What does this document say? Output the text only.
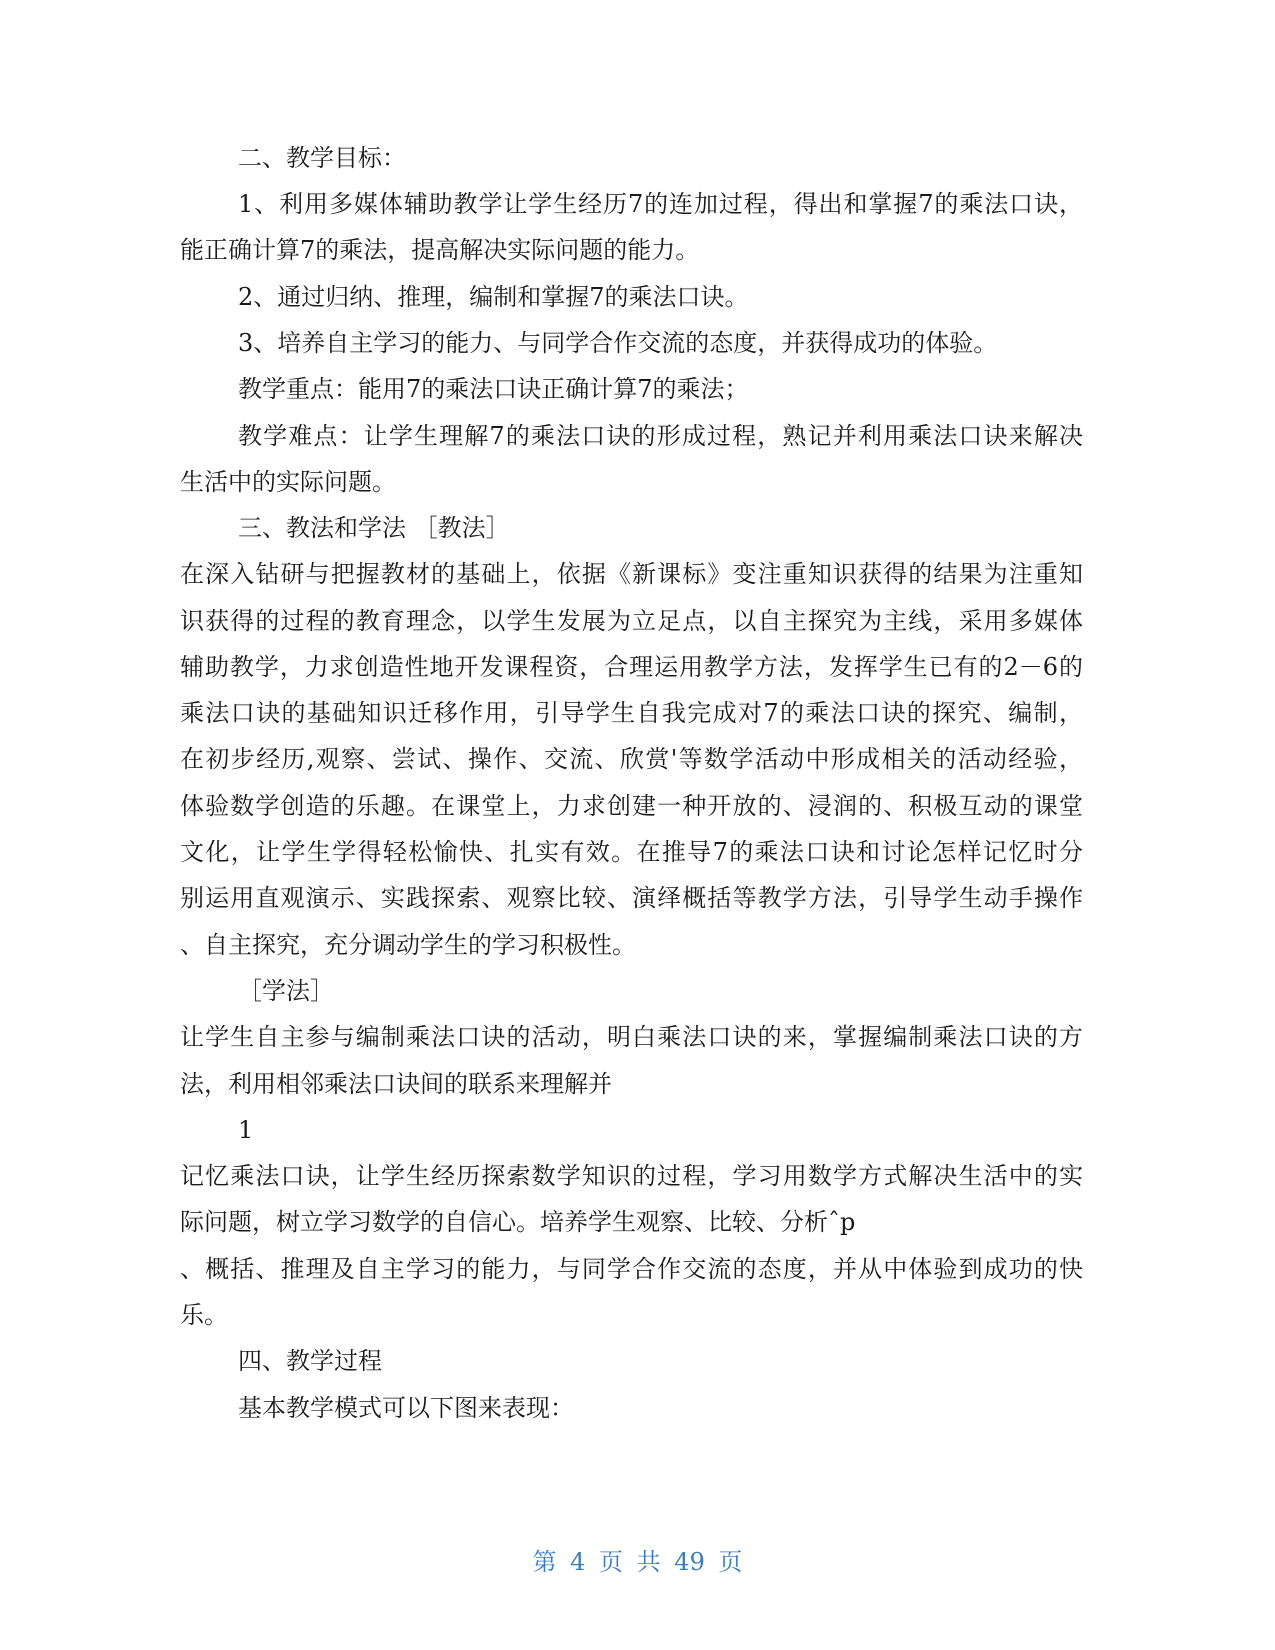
二、教学目标：
1、利用多媒体辅助教学让学生经历7的连加过程，得出和掌握7的乘法口诀，
能正确计算7的乘法，提高解决实际问题的能力。
2、通过归纳、推理，编制和掌握7的乘法口诀。
3、培养自主学习的能力、与同学合作交流的态度，并获得成功的体验。
教学重点：能用7的乘法口诀正确计算7的乘法；
教学难点：让学生理解7的乘法口诀的形成过程，熟记并利用乘法口诀来解决
生活中的实际问题。
三、教法和学法 ［教法］
在深入钻研与把握教材的基础上，依据《新课标》变注重知识获得的结果为注重知
识获得的过程的教育理念，以学生发展为立足点，以自主探究为主线，采用多媒体
辅助教学，力求创造性地开发课程资，合理运用教学方法，发挥学生已有的2－6的
乘法口诀的基础知识迁移作用，引导学生自我完成对7的乘法口诀的探究、编制，
在初步经历,观察、尝试、操作、交流、欣赏'等数学活动中形成相关的活动经验，
体验数学创造的乐趣。在课堂上，力求创建一种开放的、浸润的、积极互动的课堂
文化，让学生学得轻松愉快、扎实有效。在推导7的乘法口诀和讨论怎样记忆时分
别运用直观演示、实践探索、观察比较、演绎概括等教学方法，引导学生动手操作
、自主探究，充分调动学生的学习积极性。
［学法］
让学生自主参与编制乘法口诀的活动，明白乘法口诀的来，掌握编制乘法口诀的方
法，利用相邻乘法口诀间的联系来理解并
1
记忆乘法口诀，让学生经历探索数学知识的过程，学习用数学方式解决生活中的实
际问题，树立学习数学的自信心。培养学生观察、比较、分析ˆp
、概括、推理及自主学习的能力，与同学合作交流的态度，并从中体验到成功的快
乐。
四、教学过程
基本教学模式可以下图来表现：
第 4 页 共 49 页
